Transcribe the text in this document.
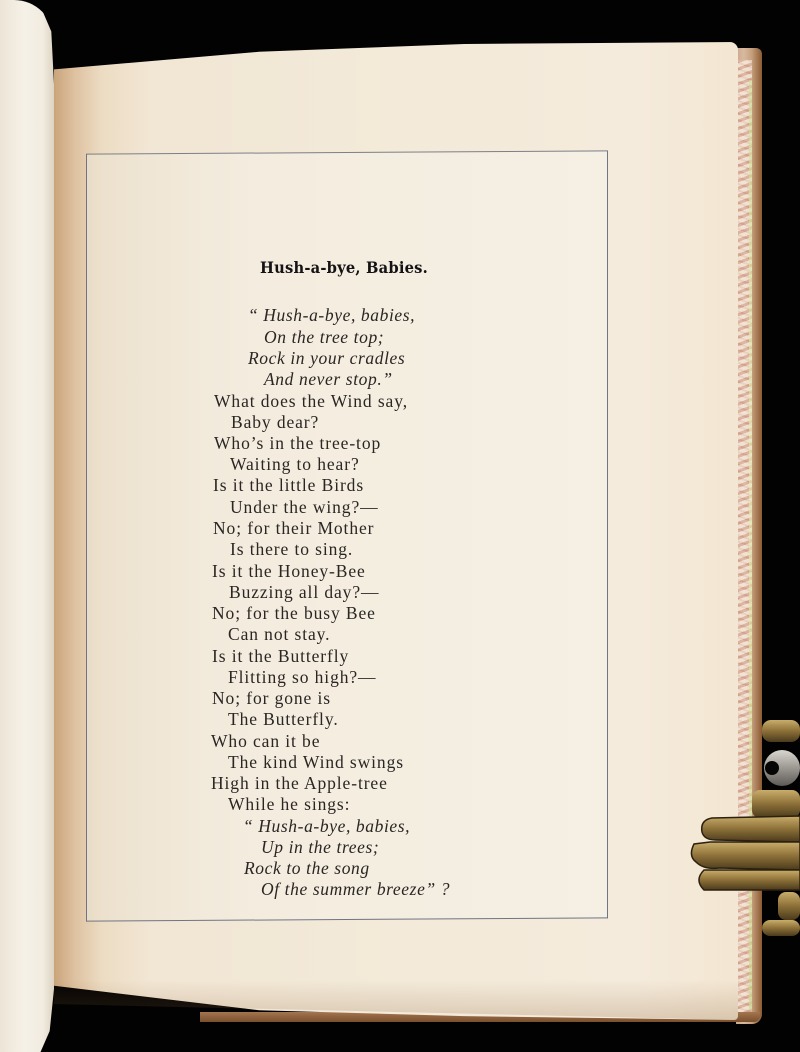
Hush-a-bye, Babies.
“ Hush-a-bye, babies,
On the tree top;
Rock in your cradles
And never stop.”
What does the Wind say,
Baby dear?
Who’s in the tree-top
Waiting to hear?
Is it the little Birds
Under the wing?—
No; for their Mother
Is there to sing.
Is it the Honey-Bee
Buzzing all day?—
No; for the busy Bee
Can not stay.
Is it the Butterfly
Flitting so high?—
No; for gone is
The Butterfly.
Who can it be
The kind Wind swings
High in the Apple-tree
While he sings:
“ Hush-a-bye, babies,
Up in the trees;
Rock to the song
Of the summer breeze” ?
